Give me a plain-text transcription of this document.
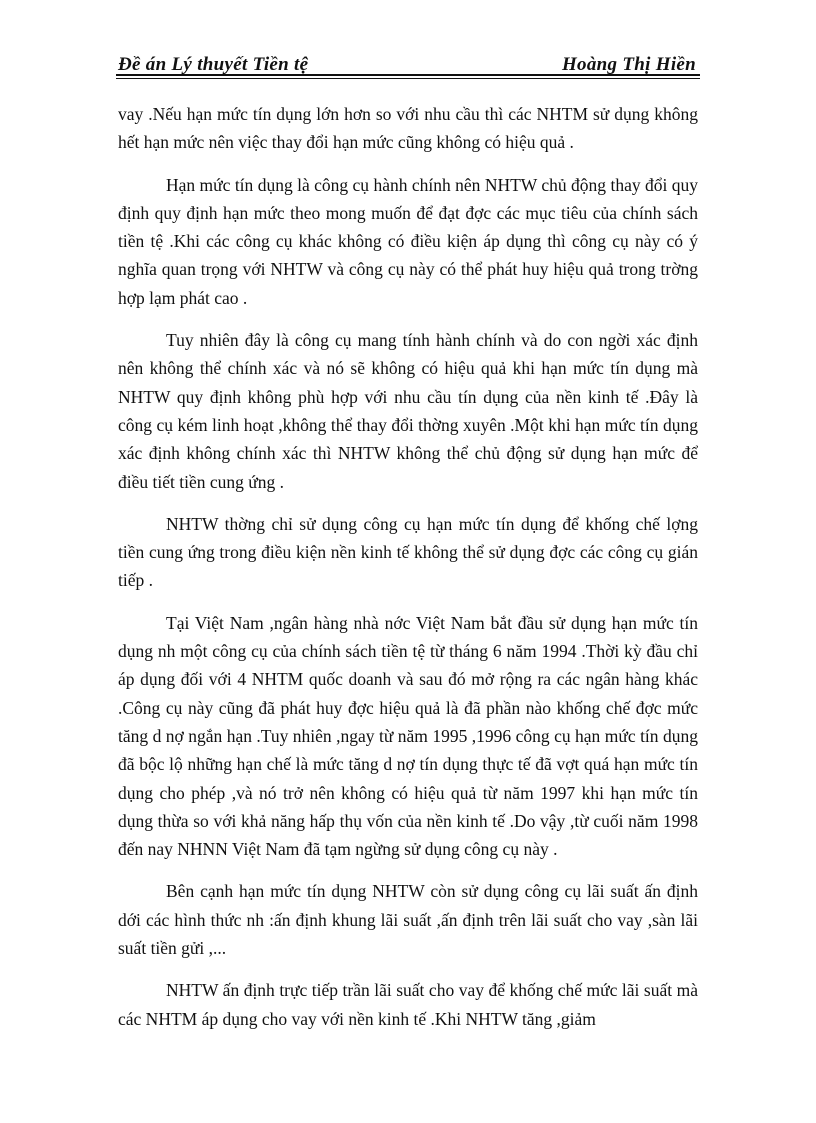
Đề án Lý thuyết Tiền tệ	Hoàng Thị Hiền

vay .Nếu hạn mức tín dụng lớn hơn so với nhu cầu thì các NHTM sử dụng không hết hạn mức nên việc thay đổi hạn mức cũng không có hiệu quả .

Hạn mức tín dụng là công cụ hành chính nên NHTW chủ động thay đổi quy định quy định hạn mức theo mong muốn để đạt đợc các mục tiêu của chính sách tiền tệ .Khi các công cụ khác không có điều kiện áp dụng thì công cụ này có ý nghĩa quan trọng với NHTW và công cụ này có thể phát huy hiệu quả trong trờng hợp lạm phát cao .

Tuy nhiên đây là công cụ mang tính hành chính và do con ngời xác định nên không thể chính xác và nó sẽ không có hiệu quả khi hạn mức tín dụng mà NHTW quy định không phù hợp với nhu cầu tín dụng của nền kinh tế .Đây là công cụ kém linh hoạt ,không thể thay đổi thờng xuyên .Một khi hạn mức tín dụng xác định không chính xác thì NHTW không thể chủ động sử dụng hạn mức để điều tiết tiền cung ứng .

NHTW thờng chỉ sử dụng công cụ hạn mức tín dụng để khống chế lợng tiền cung ứng trong điều kiện nền kinh tế không thể sử dụng đợc các công cụ gián tiếp .

Tại Việt Nam ,ngân hàng nhà nớc Việt Nam bắt đầu sử dụng hạn mức tín dụng nh một công cụ của chính sách tiền tệ từ tháng 6 năm 1994 .Thời kỳ đầu chỉ áp dụng đối với 4 NHTM quốc doanh và sau đó mở rộng ra các ngân hàng khác .Công cụ này cũng đã phát huy đợc hiệu quả là đã phần nào khống chế đợc mức tăng d nợ ngắn hạn .Tuy nhiên ,ngay từ năm 1995 ,1996 công cụ hạn mức tín dụng đã bộc lộ những hạn chế là mức tăng d nợ tín dụng thực tế đã vợt quá hạn mức tín dụng cho phép ,và nó trở nên không có hiệu quả từ năm 1997 khi hạn mức tín dụng thừa so với khả năng hấp thụ vốn của nền kinh tế .Do vậy ,từ cuối năm 1998 đến nay NHNN Việt Nam đã tạm ngừng sử dụng công cụ này .

Bên cạnh hạn mức tín dụng NHTW còn sử dụng công cụ lãi suất ấn định dới các hình thức nh :ấn định khung lãi suất ,ấn định trên lãi suất cho vay ,sàn lãi suất tiền gửi ,...

NHTW ấn định trực tiếp trần lãi suất cho vay để khống chế mức lãi suất mà các NHTM áp dụng cho vay với nền kinh tế .Khi NHTW tăng ,giảm
